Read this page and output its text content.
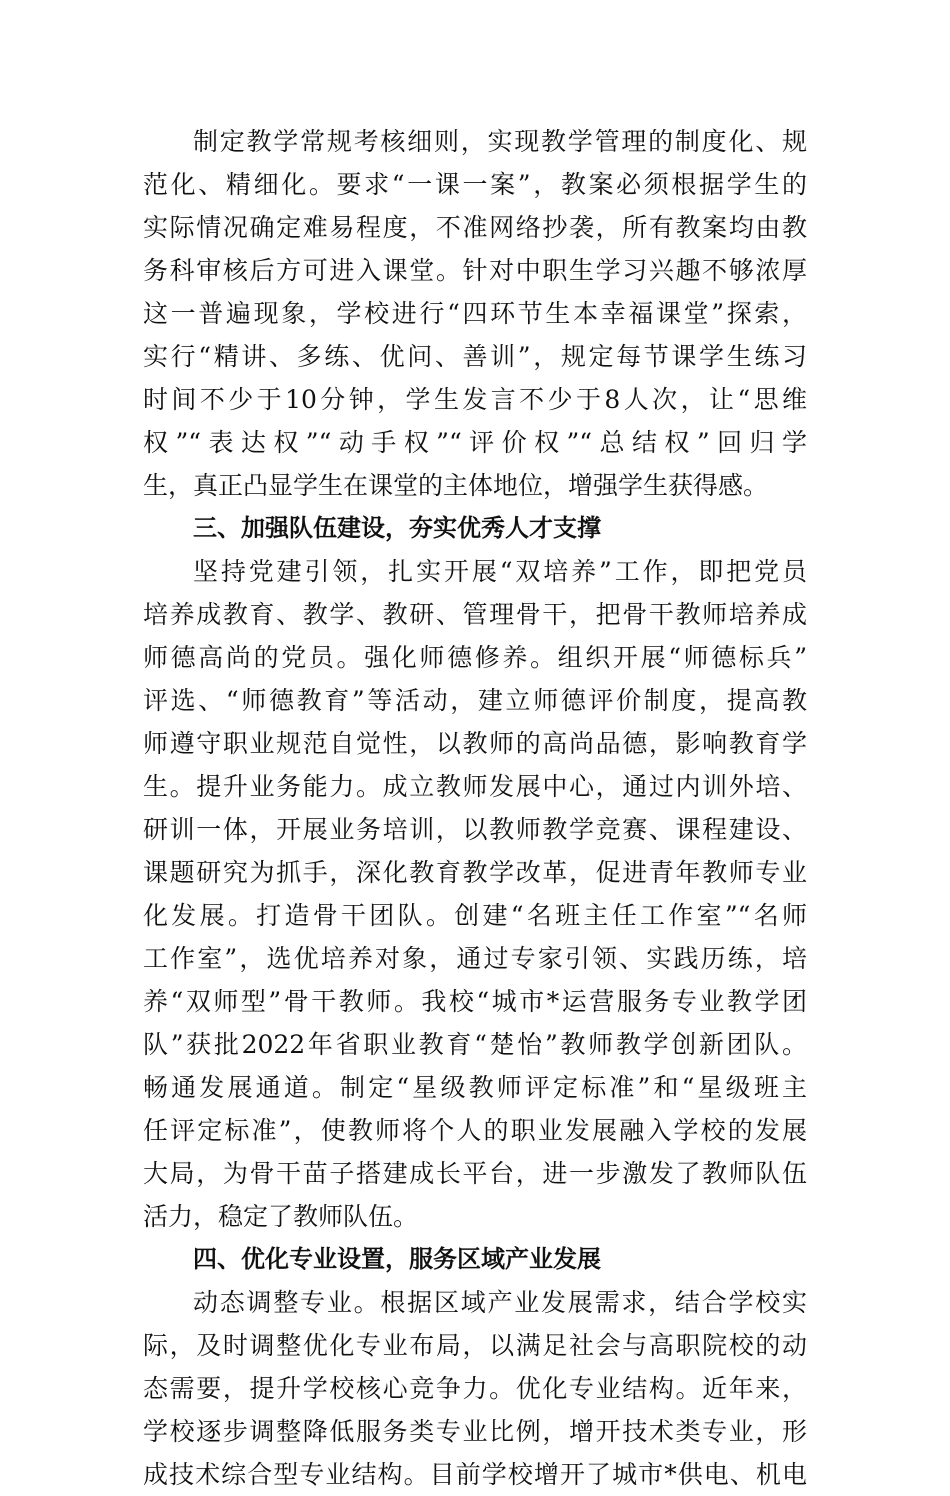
制定教学常规考核细则，实现教学管理的制度化、规
范化、精细化。要求“一课一案”，教案必须根据学生的
实际情况确定难易程度，不准网络抄袭，所有教案均由教
务科审核后方可进入课堂。针对中职生学习兴趣不够浓厚
这一普遍现象，学校进行“四环节生本幸福课堂”探索，
实行“精讲、多练、优问、善训”，规定每节课学生练习
时间不少于10分钟，学生发言不少于8人次，让“思维
权”“表达权”“动手权”“评价权”“总结权”回归学
生，真正凸显学生在课堂的主体地位，增强学生获得感。
三、加强队伍建设，夯实优秀人才支撑
坚持党建引领，扎实开展“双培养”工作，即把党员
培养成教育、教学、教研、管理骨干，把骨干教师培养成
师德高尚的党员。强化师德修养。组织开展“师德标兵”
评选、“师德教育”等活动，建立师德评价制度，提高教
师遵守职业规范自觉性，以教师的高尚品德，影响教育学
生。提升业务能力。成立教师发展中心，通过内训外培、
研训一体，开展业务培训，以教师教学竞赛、课程建设、
课题研究为抓手，深化教育教学改革，促进青年教师专业
化发展。打造骨干团队。创建“名班主任工作室”“名师
工作室”，选优培养对象，通过专家引领、实践历练，培
养“双师型”骨干教师。我校“城市*运营服务专业教学团
队”获批2022年省职业教育“楚怡”教师教学创新团队。
畅通发展通道。制定“星级教师评定标准”和“星级班主
任评定标准”，使教师将个人的职业发展融入学校的发展
大局，为骨干苗子搭建成长平台，进一步激发了教师队伍
活力，稳定了教师队伍。
四、优化专业设置，服务区域产业发展
动态调整专业。根据区域产业发展需求，结合学校实
际，及时调整优化专业布局，以满足社会与高职院校的动
态需要，提升学校核心竞争力。优化专业结构。近年来，
学校逐步调整降低服务类专业比例，增开技术类专业，形
成技术综合型专业结构。目前学校增开了城市*供电、机电
